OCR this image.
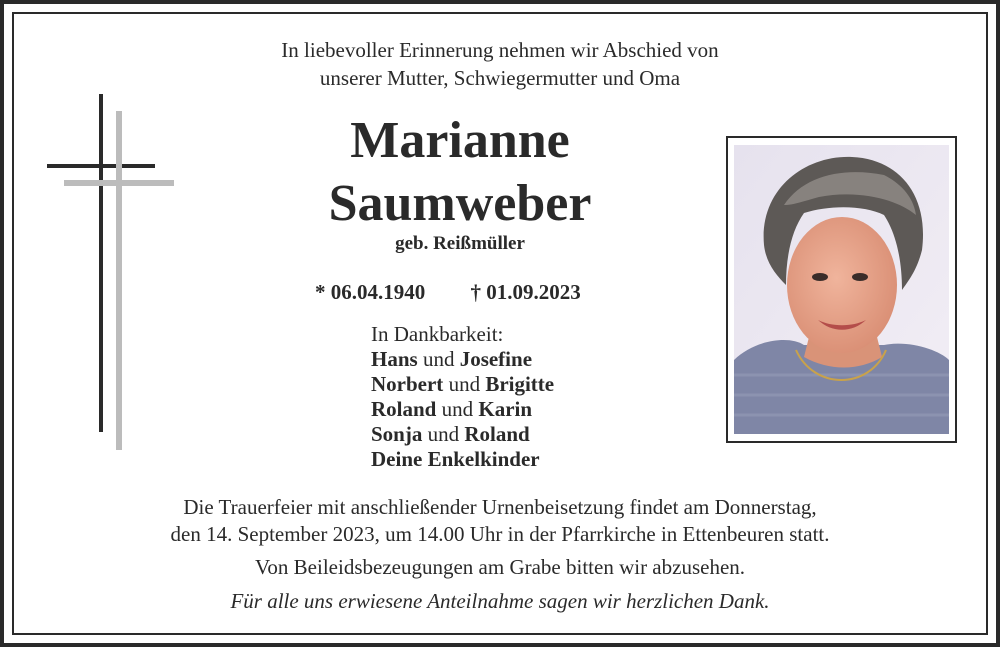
In liebevoller Erinnerung nehmen wir Abschied von
unserer Mutter, Schwiegermutter und Oma
Marianne
Saumweber
geb. Reißmüller
* 06.04.1940 † 01.09.2023
In Dankbarkeit:
Hans und Josefine
Norbert und Brigitte
Roland und Karin
Sonja und Roland
Deine Enkelkinder
Die Trauerfeier mit anschließender Urnenbeisetzung findet am Donnerstag,
den 14. September 2023, um 14.00 Uhr in der Pfarrkirche in Ettenbeuren statt.
Von Beileidsbezeugungen am Grabe bitten wir abzusehen.
Für alle uns erwiesene Anteilnahme sagen wir herzlichen Dank.
